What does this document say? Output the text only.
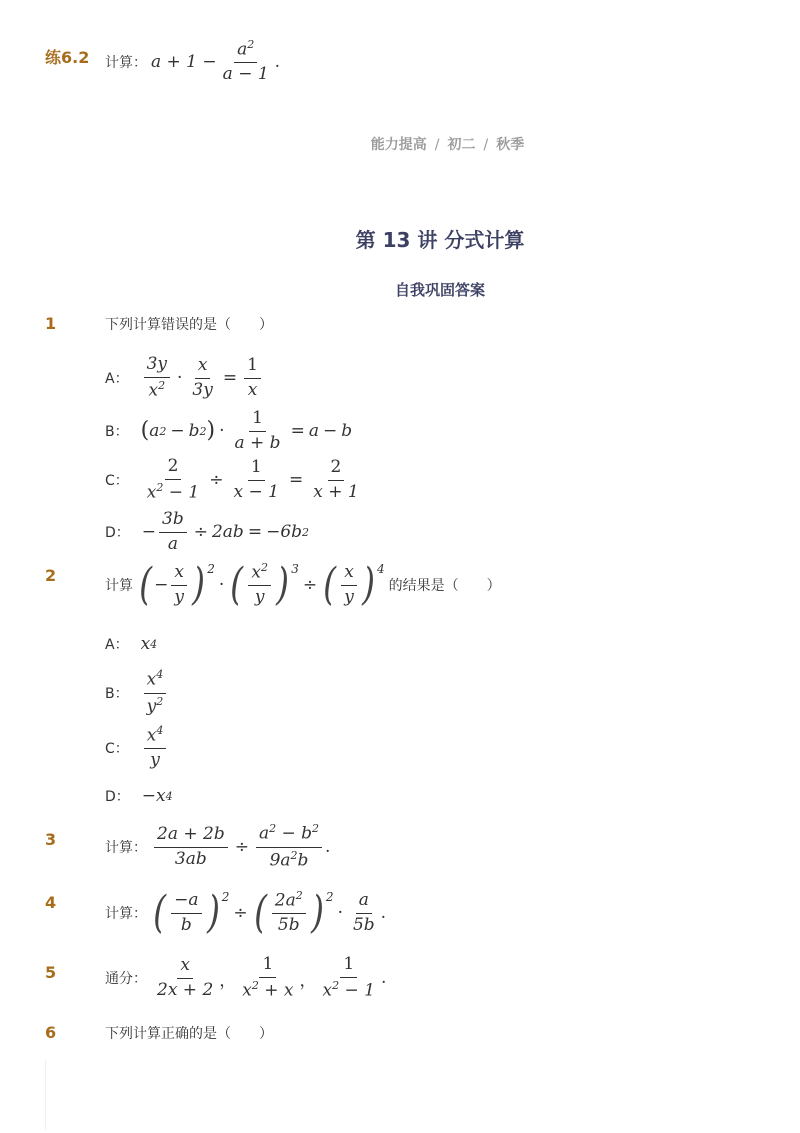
练6.2 计算： $a + 1 - \frac{a^2}{a - 1}$ .
能力提高 / 初二 / 秋季
第 13 讲 分式计算
自我巩固答案
1	下列计算错误的是（　　）
A： $\frac{3y}{x^2} \cdot \frac{x}{3y} = \frac{1}{x}$
B： ( a 2 − b 2 ) · $\frac{1}{a + b} = a - b$
C： $\frac{2}{x^2 - 1} \div \frac{1}{x - 1} = \frac{2}{x + 1}$
D： − $\frac{3b}{a} \div 2ab$ = − 6b 2
2
计算 ( − $\frac{x}{y} )^2$
· ( $\frac{x^2}{y} )^3$
÷ ( $\frac{x}{y} )^4$
的结果是（　　）
A： x 4
B： $\frac{x^4}{y^2}$
C： $\frac{x^4}{y}$
D： − x 4
3	计算： $\frac{2a + 2b}{3ab} \div \frac{a^2 - b^2}{9a^2b}$ .
4
计算： ( $\frac{-a}{b} )^2$
÷ ( $\frac{2a^2}{5b} )^2$
· $\frac{a}{5b}$ .
5	通分： $\frac{x}{2x + 2}$ ， $\frac{1}{x^2 + x}$ ， $\frac{1}{x^2 - 1}$ .
6	下列计算正确的是（　　）
